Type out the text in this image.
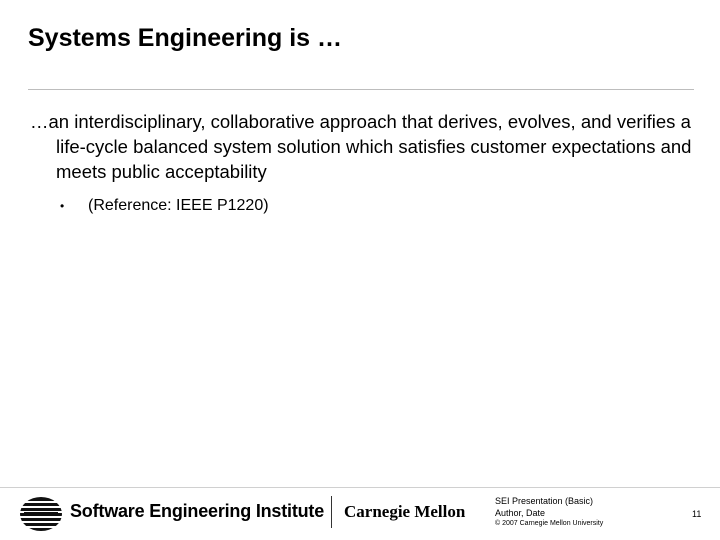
Systems Engineering is …

…an interdisciplinary, collaborative approach that derives, evolves, and verifies a life-cycle balanced system solution which satisfies customer expectations and meets public acceptability

•	(Reference: IEEE P1220)
Software Engineering Institute Carnegie Mellon
SEI Presentation (Basic)
Author, Date
© 2007 Carnegie Mellon University
11
